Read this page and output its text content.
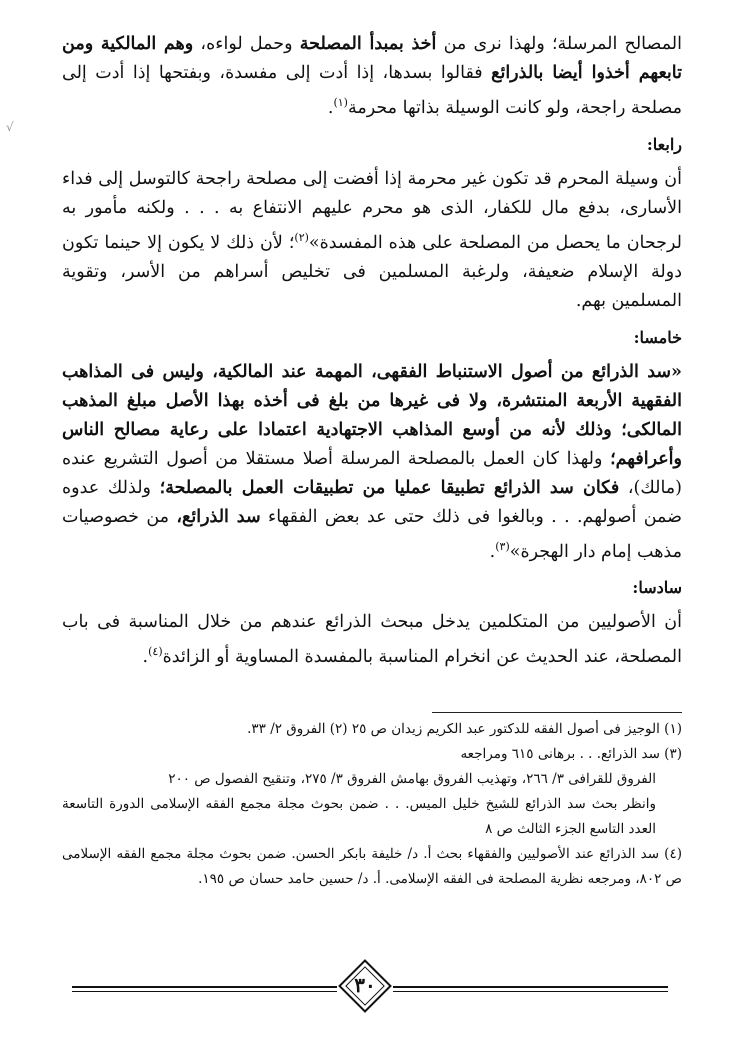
√﻿

المصالح المرسلة؛ ولهذا نرى من أخذ بمبدأ المصلحة وحمل لواءه، وهم المالكية ومن تابعهم أخذوا أيضا بالذرائع فقالوا بسدها، إذا أدت إلى مفسدة، وبفتحها إذا أدت إلى مصلحة راجحة، ولو كانت الوسيلة بذاتها محرمة$^{(١)}$.

رابعا:

أن وسيلة المحرم قد تكون غير محرمة إذا أفضت إلى مصلحة راجحة كالتوسل إلى فداء الأسارى، بدفع مال للكفار، الذى هو محرم عليهم الانتفاع به . . . ولكنه مأمور به لرجحان ما يحصل من المصلحة على هذه المفسدة»$^{(٢)}$؛ لأن ذلك لا يكون إلا حينما تكون دولة الإسلام ضعيفة، ولرغبة المسلمين فى تخليص أسراهم من الأسر، وتقوية المسلمين بهم.

خامسا:

«سد الذرائع من أصول الاستنباط الفقهى، المهمة عند المالكية، وليس فى المذاهب الفقهية الأربعة المنتشرة، ولا فى غيرها من بلغ فى أخذه بهذا الأصل مبلغ المذهب المالكى؛ وذلك لأنه من أوسع المذاهب الاجتهادية اعتمادا على رعاية مصالح الناس وأعرافهم؛ ولهذا كان العمل بالمصلحة المرسلة أصلا مستقلا من أصول التشريع عنده (مالك)، فكان سد الذرائع تطبيقا عمليا من تطبيقات العمل بالمصلحة؛ ولذلك عدوه ضمن أصولهم. . . وبالغوا فى ذلك حتى عد بعض الفقهاء سد الذرائع، من خصوصيات مذهب إمام دار الهجرة»$^{(٣)}$.

سادسا:

أن الأصوليين من المتكلمين يدخل مبحث الذرائع عندهم من خلال المناسبة فى باب المصلحة، عند الحديث عن انخرام المناسبة بالمفسدة المساوية أو الزائدة$^{(٤)}$.

(١) الوجيز فى أصول الفقه للدكتور عبد الكريم زيدان ص ٢٥ (٢) الفروق ٢/ ٣٣.

(٣) سد الذرائع. . . برهانى ٦١٥ ومراجعه

الفروق للقرافى ٣/ ٢٦٦، وتهذيب الفروق بهامش الفروق ٣/ ٢٧٥، وتنقيح الفصول ص ٢٠٠

وانظر بحث سد الذرائع للشيخ خليل الميس. . . ضمن بحوث مجلة مجمع الفقه الإسلامى الدورة التاسعة العدد التاسع الجزء الثالث ص ٨

(٤) سد الذرائع عند الأصوليين والفقهاء بحث أ. د/ خليفة بابكر الحسن. ضمن بحوث مجلة مجمع الفقه الإسلامى ص ٨٠٢، ومرجعه نظرية المصلحة فى الفقه الإسلامى. أ. د/ حسين حامد حسان ص ١٩٥.

٣٠
